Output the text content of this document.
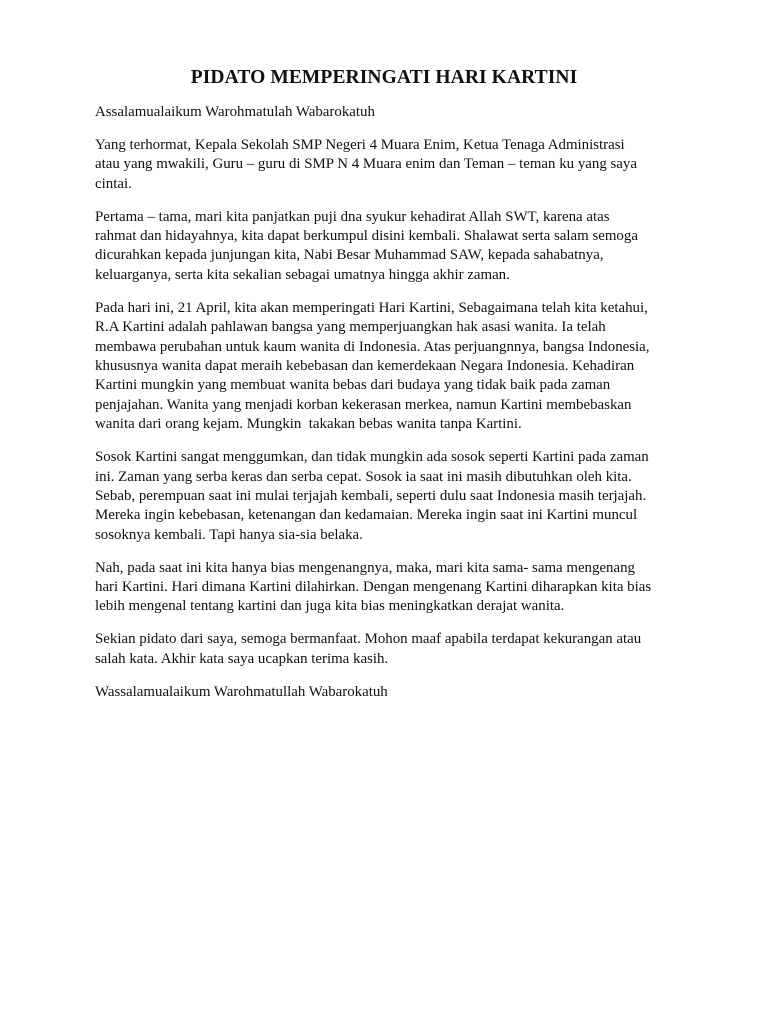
PIDATO MEMPERINGATI HARI KARTINI

Assalamualaikum Warohmatulah Wabarokatuh

Yang terhormat, Kepala Sekolah SMP Negeri 4 Muara Enim, Ketua Tenaga Administrasi
atau yang mwakili, Guru – guru di SMP N 4 Muara enim dan Teman – teman ku yang saya
cintai.

Pertama – tama, mari kita panjatkan puji dna syukur kehadirat Allah SWT, karena atas
rahmat dan hidayahnya, kita dapat berkumpul disini kembali. Shalawat serta salam semoga
dicurahkan kepada junjungan kita, Nabi Besar Muhammad SAW, kepada sahabatnya,
keluarganya, serta kita sekalian sebagai umatnya hingga akhir zaman.

Pada hari ini, 21 April, kita akan memperingati Hari Kartini, Sebagaimana telah kita ketahui,
R.A Kartini adalah pahlawan bangsa yang memperjuangkan hak asasi wanita. Ia telah
membawa perubahan untuk kaum wanita di Indonesia. Atas perjuangnnya, bangsa Indonesia,
khususnya wanita dapat meraih kebebasan dan kemerdekaan Negara Indonesia. Kehadiran
Kartini mungkin yang membuat wanita bebas dari budaya yang tidak baik pada zaman
penjajahan. Wanita yang menjadi korban kekerasan merkea, namun Kartini membebaskan
wanita dari orang kejam. Mungkin  takakan bebas wanita tanpa Kartini.

Sosok Kartini sangat menggumkan, dan tidak mungkin ada sosok seperti Kartini pada zaman
ini. Zaman yang serba keras dan serba cepat. Sosok ia saat ini masih dibutuhkan oleh kita.
Sebab, perempuan saat ini mulai terjajah kembali, seperti dulu saat Indonesia masih terjajah.
Mereka ingin kebebasan, ketenangan dan kedamaian. Mereka ingin saat ini Kartini muncul
sosoknya kembali. Tapi hanya sia-sia belaka.

Nah, pada saat ini kita hanya bias mengenangnya, maka, mari kita sama- sama mengenang
hari Kartini. Hari dimana Kartini dilahirkan. Dengan mengenang Kartini diharapkan kita bias
lebih mengenal tentang kartini dan juga kita bias meningkatkan derajat wanita.

Sekian pidato dari saya, semoga bermanfaat. Mohon maaf apabila terdapat kekurangan atau
salah kata. Akhir kata saya ucapkan terima kasih.

Wassalamualaikum Warohmatullah Wabarokatuh
